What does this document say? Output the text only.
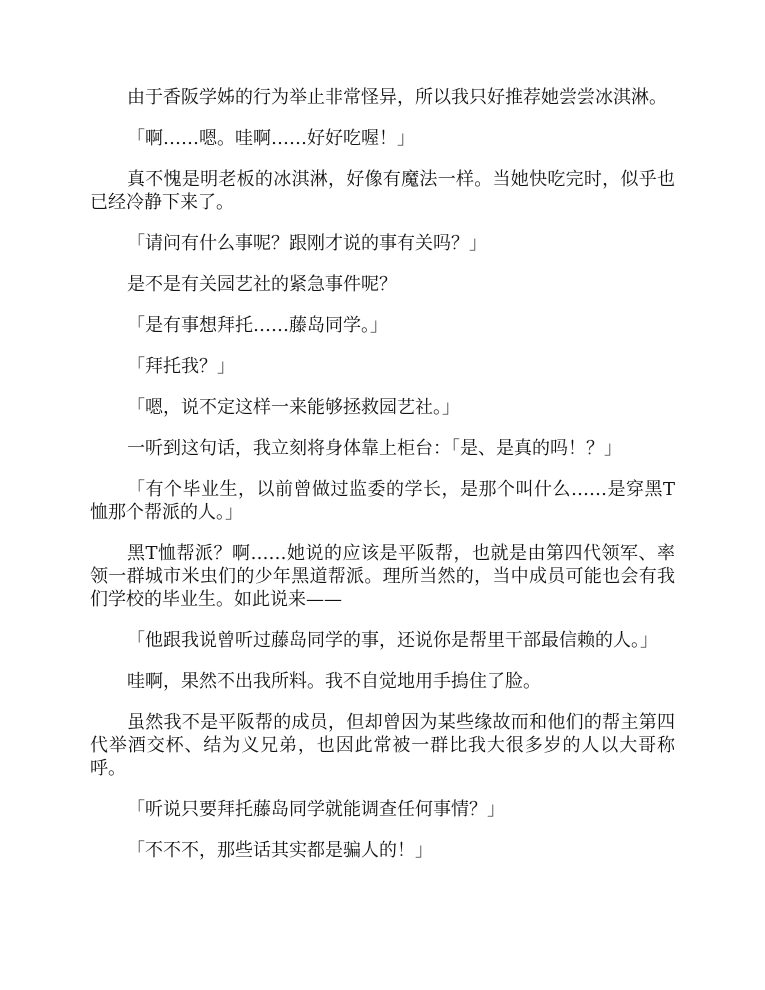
由于香阪学姊的行为举止非常怪异，所以我只好推荐她尝尝冰淇淋。

「啊……嗯。哇啊……好好吃喔！」

真不愧是明老板的冰淇淋，好像有魔法一样。当她快吃完时，似乎也已经冷静下来了。

「请问有什么事呢？跟刚才说的事有关吗？」

是不是有关园艺社的紧急事件呢？

「是有事想拜托……藤岛同学。」

「拜托我？」

「嗯，说不定这样一来能够拯救园艺社。」

一听到这句话，我立刻将身体靠上柜台：「是、是真的吗！？」

「有个毕业生，以前曾做过监委的学长，是那个叫什么……是穿黑T恤那个帮派的人。」

黑T恤帮派？啊……她说的应该是平阪帮，也就是由第四代领军、率领一群城市米虫们的少年黑道帮派。理所当然的，当中成员可能也会有我们学校的毕业生。如此说来——

「他跟我说曾听过藤岛同学的事，还说你是帮里干部最信赖的人。」

哇啊，果然不出我所料。我不自觉地用手摀住了脸。

虽然我不是平阪帮的成员，但却曾因为某些缘故而和他们的帮主第四代举酒交杯、结为义兄弟，也因此常被一群比我大很多岁的人以大哥称呼。

「听说只要拜托藤岛同学就能调查任何事情？」

「不不不，那些话其实都是骗人的！」
